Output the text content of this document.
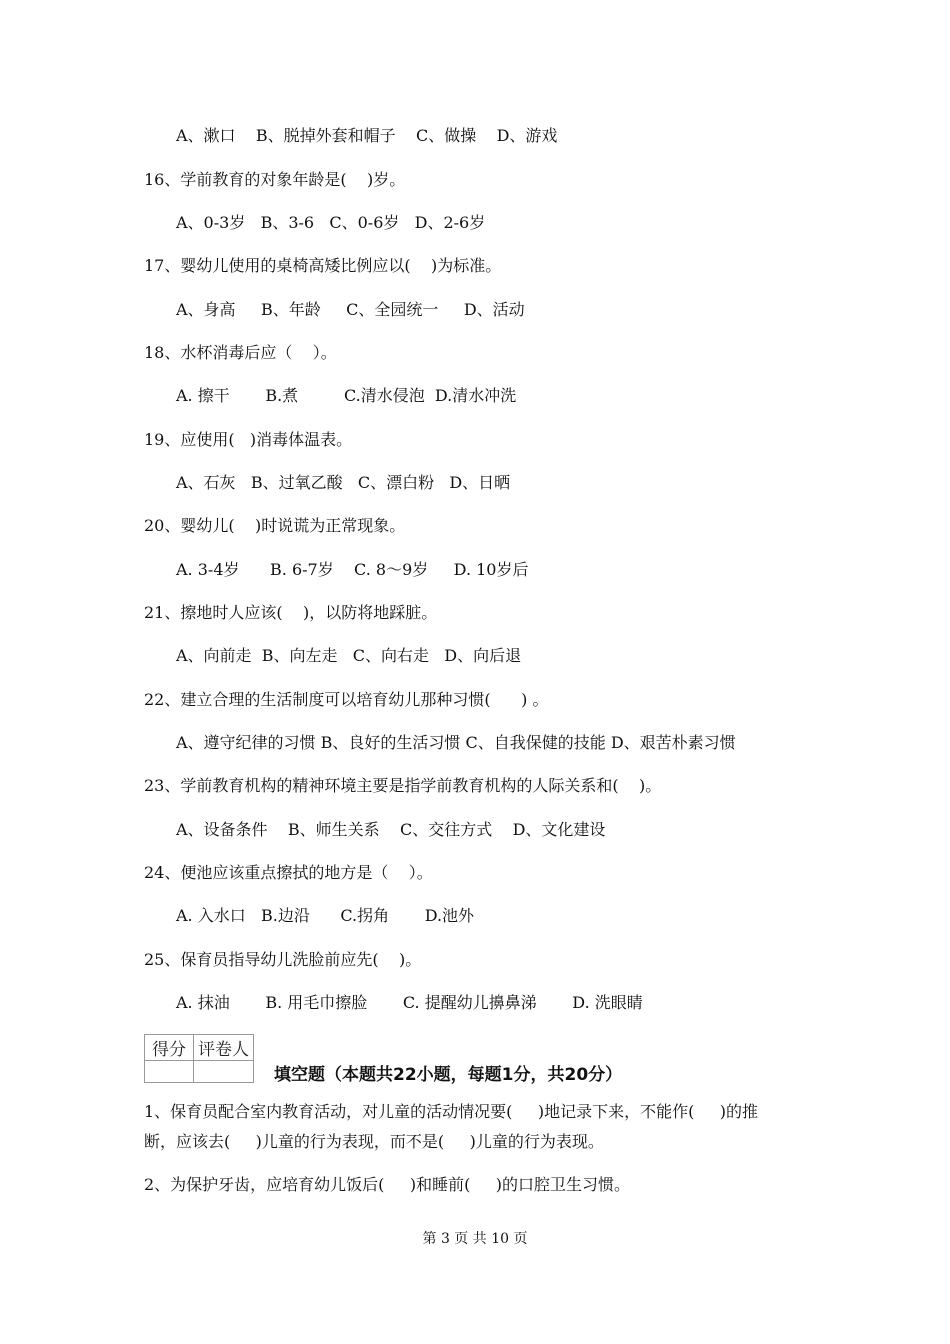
A、漱口    B、脱掉外套和帽子    C、做操    D、游戏

16、学前教育的对象年龄是(    )岁。

A、0-3岁   B、3-6   C、0-6岁   D、2-6岁

17、婴幼儿使用的桌椅高矮比例应以(    )为标准。

A、身高     B、年龄     C、全园统一     D、活动

18、水杯消毒后应（    ）。

A. 擦干       B.煮         C.清水侵泡  D.清水冲洗

19、应使用(   )消毒体温表。

A、石灰   B、过氧乙酸   C、漂白粉   D、日晒

20、婴幼儿(    )时说谎为正常现象。

A. 3-4岁      B. 6-7岁    C. 8～9岁     D. 10岁后

21、擦地时人应该(    )，以防将地踩脏。

A、向前走  B、向左走   C、向右走   D、向后退

22、建立合理的生活制度可以培育幼儿那种习惯(      ) 。

A、遵守纪律的习惯 B、良好的生活习惯 C、自我保健的技能 D、艰苦朴素习惯

23、学前教育机构的精神环境主要是指学前教育机构的人际关系和(    )。

A、设备条件    B、师生关系    C、交往方式    D、文化建设

24、便池应该重点擦拭的地方是（    ）。

A. 入水口   B.边沿      C.拐角       D.池外

25、保育员指导幼儿洗脸前应先(    )。

A. 抹油       B. 用毛巾擦脸       C. 提醒幼儿擤鼻涕       D. 洗眼睛

得分	评卷人

填空题（本题共22小题，每题1分，共20分）

1、保育员配合室内教育活动，对儿童的活动情况要(     )地记录下来，不能作(     )的推

断，应该去(     )儿童的行为表现，而不是(     )儿童的行为表现。

2、为保护牙齿，应培育幼儿饭后(     )和睡前(     )的口腔卫生习惯。

第 3 页 共 10 页
